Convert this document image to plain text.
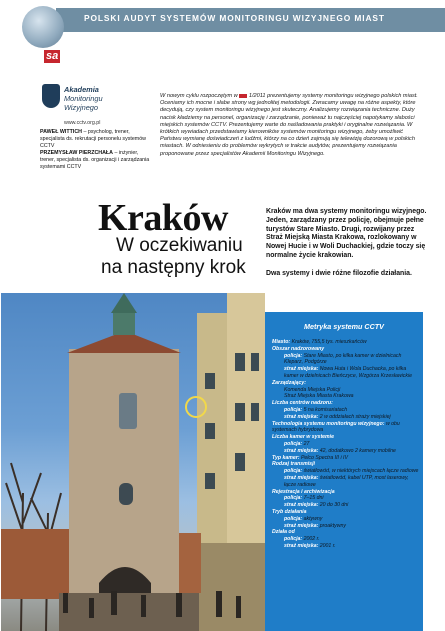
sa
POLSKI AUDYT SYSTEMÓW MONITORINGU WIZYJNEGO MIAST
Akademia
Monitoringu
Wizyjnego
www.cctv.org.pl
PAWEŁ WITTICH – psycholog, trener, specjalista ds. rekrutacji personelu systemów CCTV
PRZEMYSŁAW PIERZCHAŁA – inżynier, trener, specjalista ds. organizacji i zarządzania systemami CCTV
W nowym cyklu rozpoczętym w  1/2011 prezentujemy systemy monitoringu wizyjnego polskich miast. Oceniamy ich mocne i słabe strony wg jednolitej metodologii. Zwracamy uwagę na różne aspekty, które decydują, czy system monitoringu wizyjnego jest skuteczny. Analizujemy rozwiązania techniczne. Duży nacisk kładziemy na personel, organizację i zarządzanie, ponieważ tu najczęściej napotykamy słabości miejskich systemów CCTV. Prezentujemy warte do naśladowania praktyki i oryginalne rozwiązania. W krótkich wywiadach przedstawiamy kierowników systemów monitoringu wizyjnego, żeby umożliwić Państwu wymianę doświadczeń z ludźmi, którzy na co dzień zajmują się telewizją dozorową w polskich miastach. W odniesieniu do problemów wykrytych w trakcie audytów, prezentujemy rozwiązania proponowane przez specjalistów Akademii Monitoringu Wizyjnego.
Kraków
W oczekiwaniu
na następny krok
Kraków ma dwa systemy monitoringu wizyjnego. Jeden, zarządzany przez policję, obejmuje pełne turystów Stare Miasto. Drugi, rozwijany przez Straż Miejską Miasta Krakowa, rozlokowany w Nowej Hucie i w Woli Duchackiej, gdzie toczy się normalne życie krakowian.
Dwa systemy i dwie różne filozofie działania.
Metryka systemu CCTV
Miasto: Kraków, 755,5 tys. mieszkańców
Obszar nadzorowany
policja: Stare Miasto, po kilka kamer w dzielnicach Kleparz, Podgórze
straż miejska: Nowa Huta i Wola Duchacka, po kilka kamer w dzielnicach Bieńczyce, Wzgórza Krzesławickie
Zarządzający:
Komenda Miejska Policji
Straż Miejska Miasta Krakowa
Liczba centrów nadzoru:
policja: 5 na komisariatach
straż miejska: 2 w oddziałach straży miejskiej
Technologia systemu monitoringu wizyjnego: w obu systemach hybrydowa
Liczba kamer w systemie
policja: 27
straż miejska: 42, dodatkowo 2 kamery mobilne
Typ kamer: Pelco Spectra III i IV
Rodzaj transmisji
policja: światłowód, w niektórych miejscach łącze radiowe
straż miejska: światłowód, kabel UTP, most laserowy, łącze radiowe
Rejestracja i archiwizacja
policja: 7–15 dni
straż miejska: 20 do 30 dni
Tryb działania
policja: aktywny
straż miejska: proaktywny
Działa od
policja: 2002 r.
straż miejska: 2001 r.
